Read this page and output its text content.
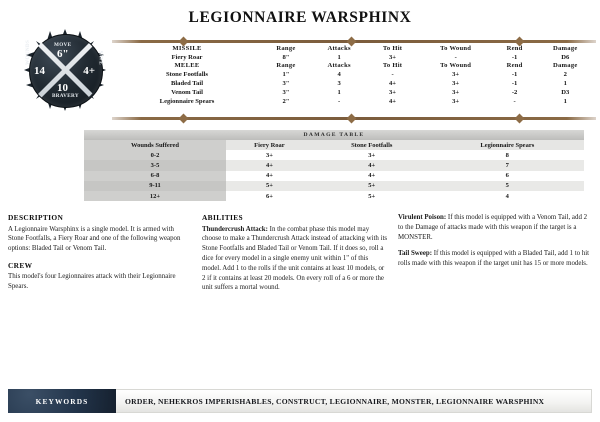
LEGIONNAIRE WARSPHINX
MOVE
6"	SAVE
4+
WOUNDS
14
BRAVERY
10
MISSILE	Range	Attacks	To Hit	To Wound	Rend	Damage
Fiery Roar	8"	1	3+	-	-1	D6
MELEE	Range	Attacks	To Hit	To Wound	Rend	Damage
Stone Footfalls	1"	4	-	3+	-1	2
Bladed Tail	3"	3	4+	3+	-1	1
Venom Tail	3"	1	3+	3+	-2	D3
Legionnaire Spears	2"	-	4+	3+	-	1
DAMAGE TABLE
Wounds Suffered	Fiery Roar	Stone Footfalls	Legionnaire Spears
0-2	3+	3+	8
3-5	4+	4+	7
6-8	4+	4+	6
9-11	5+	5+	5
12+	6+	5+	4
DESCRIPTION
A Legionnaire Warsphinx is a single model. It is armed with Stone Footfalls, a Fiery Roar and one of the following weapon options: Bladed Tail or Venom Tail.
CREW
This model's four Legionnaires attack with their Legionnaire Spears.
ABILITIES
Thundercrush Attack: In the combat phase this model may choose to make a Thundercrush Attack instead of attacking with its Stone Footfalls and Bladed Tail or Venom Tail. If it does so, roll a dice for every model in a single enemy unit within 1" of this model. Add 1 to the rolls if the unit contains at least 10 models, or 2 if it contains at least 20 models. On every roll of a 6 or more the unit suffers a mortal wound.
Virulent Poison: If this model is equipped with a Venom Tail, add 2 to the Damage of attacks made with this weapon if the target is a MONSTER.
Tail Sweep: If this model is equipped with a Bladed Tail, add 1 to hit rolls made with this weapon if the target unit has 15 or more models.
KEYWORDS	ORDER, NEHEKROS IMPERISHABLES, CONSTRUCT, LEGIONNAIRE, MONSTER, LEGIONNAIRE WARSPHINX
